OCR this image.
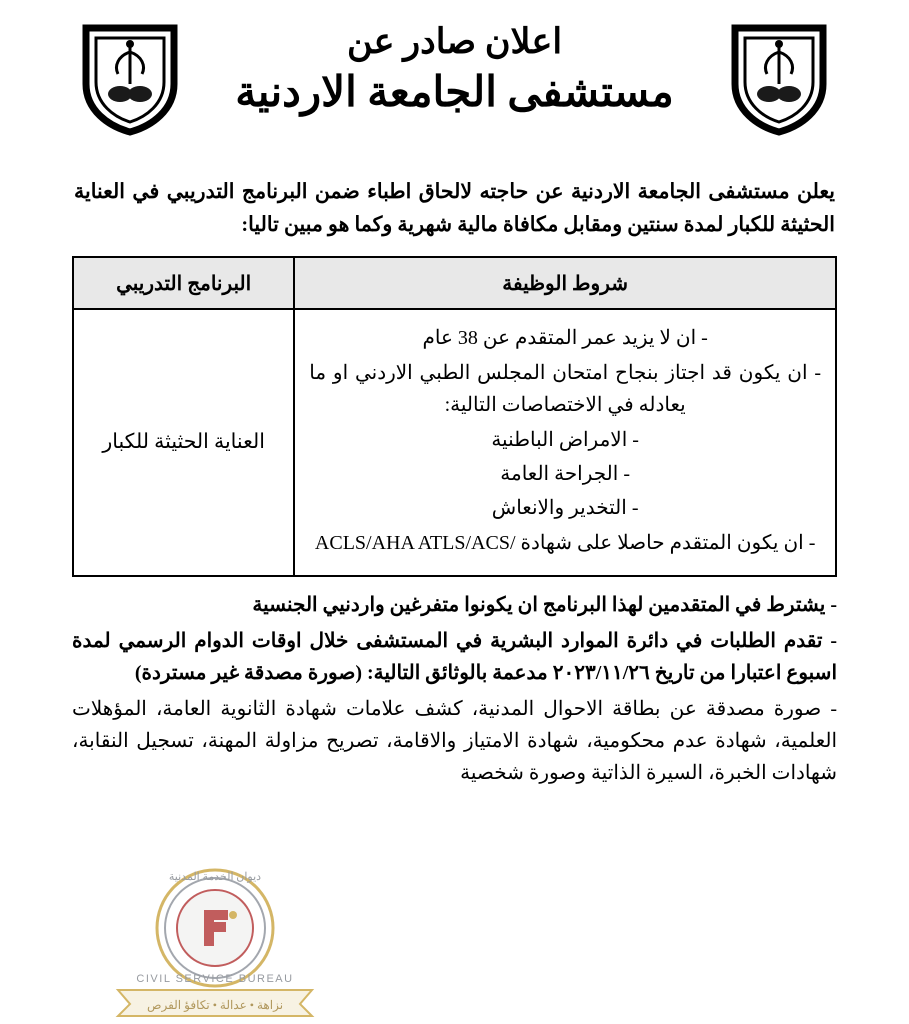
اعلان صادر عن
مستشفى الجامعة الاردنية

يعلن مستشفى الجامعة الاردنية عن حاجته لالحاق اطباء ضمن البرنامج التدريبي في العناية الحثيثة للكبار لمدة سنتين ومقابل مكافاة مالية شهرية وكما هو مبين تاليا:

شروط الوظيفة	البرنامج التدريبي

- ان لا يزيد عمر المتقدم عن 38 عام
- ان يكون قد اجتاز بنجاح امتحان المجلس الطبي الاردني او ما يعادله في الاختصاصات التالية:
- الامراض الباطنية
- الجراحة العامة
- التخدير والانعاش
- ان يكون المتقدم حاصلا على شهادة /ACLS/AHA ATLS/ACS
	العناية الحثيثة للكبار
- يشترط في المتقدمين لهذا البرنامج ان يكونوا متفرغين واردنيي الجنسية
- تقدم الطلبات في دائرة الموارد البشرية في المستشفى خلال اوقات الدوام الرسمي لمدة اسبوع اعتبارا من تاريخ ٢٠٢٣/١١/٢٦ مدعمة بالوثائق التالية: (صورة مصدقة غير مستردة)
- صورة مصدقة عن بطاقة الاحوال المدنية، كشف علامات شهادة الثانوية العامة، المؤهلات العلمية، شهادة عدم محكومية، شهادة الامتياز والاقامة، تصريح مزاولة المهنة، تسجيل النقابة، شهادات الخبرة، السيرة الذاتية وصورة شخصية
CIVIL SERVICE BUREAU
ديوان الخدمة المدنية
نزاهة • عدالة • تكافؤ الفرص
